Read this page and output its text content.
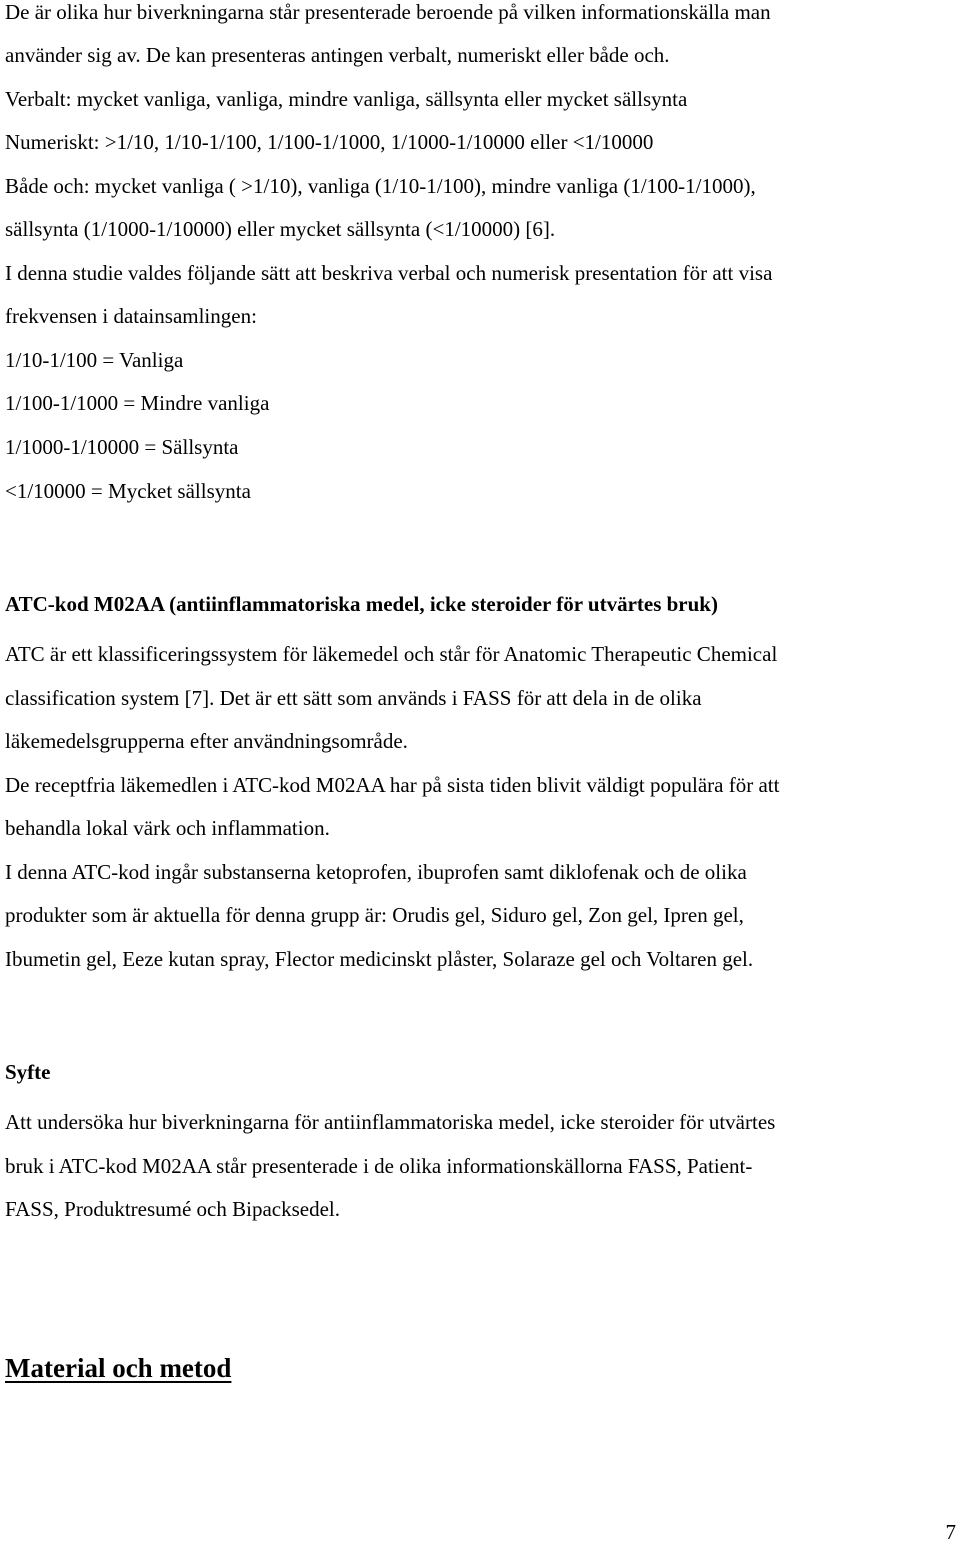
De är olika hur biverkningarna står presenterade beroende på vilken informationskälla man
använder sig av. De kan presenteras antingen verbalt, numeriskt eller både och.
Verbalt: mycket vanliga, vanliga, mindre vanliga, sällsynta eller mycket sällsynta
Numeriskt: >1/10, 1/10-1/100, 1/100-1/1000, 1/1000-1/10000 eller <1/10000
Både och: mycket vanliga ( >1/10), vanliga (1/10-1/100), mindre vanliga (1/100-1/1000),
sällsynta (1/1000-1/10000) eller mycket sällsynta (<1/10000) [6].
I denna studie valdes följande sätt att beskriva verbal och numerisk presentation för att visa
frekvensen i datainsamlingen:
1/10-1/100 = Vanliga
1/100-1/1000 = Mindre vanliga
1/1000-1/10000 = Sällsynta
<1/10000 = Mycket sällsynta
ATC-kod M02AA (antiinflammatoriska medel, icke steroider för utvärtes bruk)
ATC är ett klassificeringssystem för läkemedel och står för Anatomic Therapeutic Chemical
classification system [7]. Det är ett sätt som används i FASS för att dela in de olika
läkemedelsgrupperna efter användningsområde.
De receptfria läkemedlen i ATC-kod M02AA har på sista tiden blivit väldigt populära för att
behandla lokal värk och inflammation.
I denna ATC-kod ingår substanserna ketoprofen, ibuprofen samt diklofenak och de olika
produkter som är aktuella för denna grupp är: Orudis gel, Siduro gel, Zon gel, Ipren gel,
Ibumetin gel, Eeze kutan spray, Flector medicinskt plåster, Solaraze gel och Voltaren gel.
Syfte
Att undersöka hur biverkningarna för antiinflammatoriska medel, icke steroider för utvärtes
bruk i ATC-kod M02AA står presenterade i de olika informationskällorna FASS, Patient-
FASS, Produktresumé och Bipacksedel.
Material och metod
7
